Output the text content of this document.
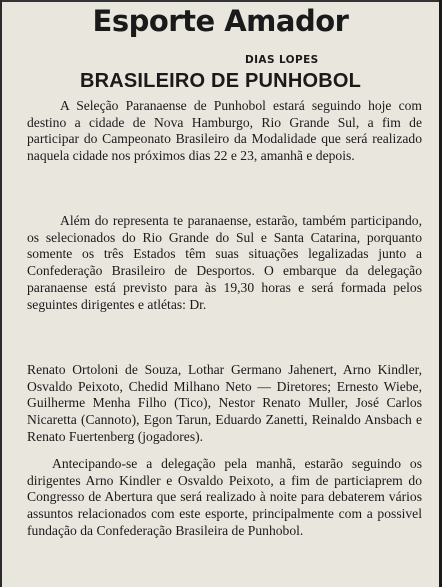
Esporte Amador
DIAS LOPES
BRASILEIRO DE PUNHOBOL
A Seleção Paranaense de Punhobol estará seguindo hoje com destino a cidade de Nova Hamburgo, Rio Grande Sul, a fim de participar do Campeonato Brasileiro da Modalidade que será realizado naquela cidade nos próximos dias 22 e 23, amanhã e depois.
Além do representa te paranaense, estarão, também participando, os selecionados do Rio Grande do Sul e Santa Catarina, porquanto somente os três Estados têm suas situações legalizadas junto a Confederação Brasileiro de Desportos. O embarque da delegação paranaense está previsto para às 19,30 horas e será formada pelos seguintes dirigentes e atlétas: Dr.
Renato Ortoloni de Souza, Lothar Germano Jahenert, Arno Kindler, Osvaldo Peixoto, Chedid Milhano Neto — Diretores; Ernesto Wiebe, Guilherme Menha Filho (Tico), Nestor Renato Muller, José Carlos Nicaretta (Cannoto), Egon Tarun, Eduardo Zanetti, Reinaldo Ansbach e Renato Fuertenberg (jogadores).
Antecipando-se a delegação pela manhã, estarão seguindo os dirigentes Arno Kindler e Osvaldo Peixoto, a fim de particiaprem do Congresso de Abertura que será realizado à noite para debaterem vários assuntos relacionados com este esporte, principalmente com a possivel fundação da Confederação Brasileira de Punhobol.
